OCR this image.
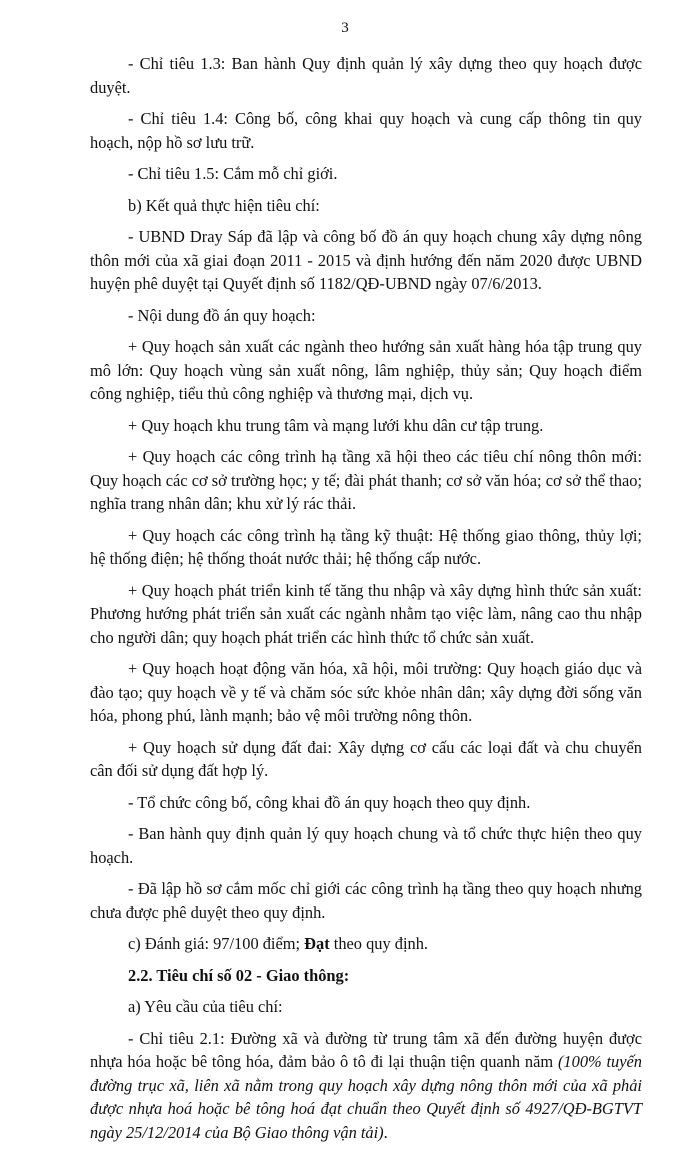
3

- Chỉ tiêu 1.3: Ban hành Quy định quản lý xây dựng theo quy hoạch được duyệt.

- Chỉ tiêu 1.4: Công bố, công khai quy hoạch và cung cấp thông tin quy hoạch, nộp hồ sơ lưu trữ.

- Chỉ tiêu 1.5: Cắm mỗ chỉ giới.

b) Kết quả thực hiện tiêu chí:

- UBND Dray Sáp đã lập và công bố đồ án quy hoạch chung xây dựng nông thôn mới của xã giai đoạn 2011 - 2015 và định hướng đến năm 2020 được UBND huyện phê duyệt tại Quyết định số 1182/QĐ-UBND ngày 07/6/2013.

- Nội dung đồ án quy hoạch:

+ Quy hoạch sản xuất các ngành theo hướng sản xuất hàng hóa tập trung quy mô lớn: Quy hoạch vùng sản xuất nông, lâm nghiệp, thủy sản; Quy hoạch điểm công nghiệp, tiểu thủ công nghiệp và thương mại, dịch vụ.

+ Quy hoạch khu trung tâm và mạng lưới khu dân cư tập trung.

+ Quy hoạch các công trình hạ tầng xã hội theo các tiêu chí nông thôn mới: Quy hoạch các cơ sở trường học; y tế; đài phát thanh; cơ sở văn hóa; cơ sở thể thao; nghĩa trang nhân dân; khu xử lý rác thải.

+ Quy hoạch các công trình hạ tầng kỹ thuật: Hệ thống giao thông, thủy lợi; hệ thống điện; hệ thống thoát nước thải; hệ thống cấp nước.

+ Quy hoạch phát triển kinh tế tăng thu nhập và xây dựng hình thức sản xuất: Phương hướng phát triển sản xuất các ngành nhằm tạo việc làm, nâng cao thu nhập cho người dân; quy hoạch phát triển các hình thức tổ chức sản xuất.

+ Quy hoạch hoạt động văn hóa, xã hội, môi trường: Quy hoạch giáo dục và đào tạo; quy hoạch về y tế và chăm sóc sức khỏe nhân dân; xây dựng đời sống văn hóa, phong phú, lành mạnh; bảo vệ môi trường nông thôn.

+ Quy hoạch sử dụng đất đai: Xây dựng cơ cấu các loại đất và chu chuyển cân đối sử dụng đất hợp lý.

- Tổ chức công bố, công khai đồ án quy hoạch theo quy định.

- Ban hành quy định quản lý quy hoạch chung và tổ chức thực hiện theo quy hoạch.

- Đã lập hồ sơ cắm mốc chỉ giới các công trình hạ tầng theo quy hoạch nhưng chưa được phê duyệt theo quy định.

c) Đánh giá: 97/100 điểm; Đạt theo quy định.

2.2. Tiêu chí số 02 - Giao thông:

a) Yêu cầu của tiêu chí:

- Chỉ tiêu 2.1: Đường xã và đường từ trung tâm xã đến đường huyện được nhựa hóa hoặc bê tông hóa, đảm bảo ô tô đi lại thuận tiện quanh năm (100% tuyến đường trục xã, liên xã nằm trong quy hoạch xây dựng nông thôn mới của xã phải được nhựa hoá hoặc bê tông hoá đạt chuẩn theo Quyết định số 4927/QĐ-BGTVT ngày 25/12/2014 của Bộ Giao thông vận tải).
